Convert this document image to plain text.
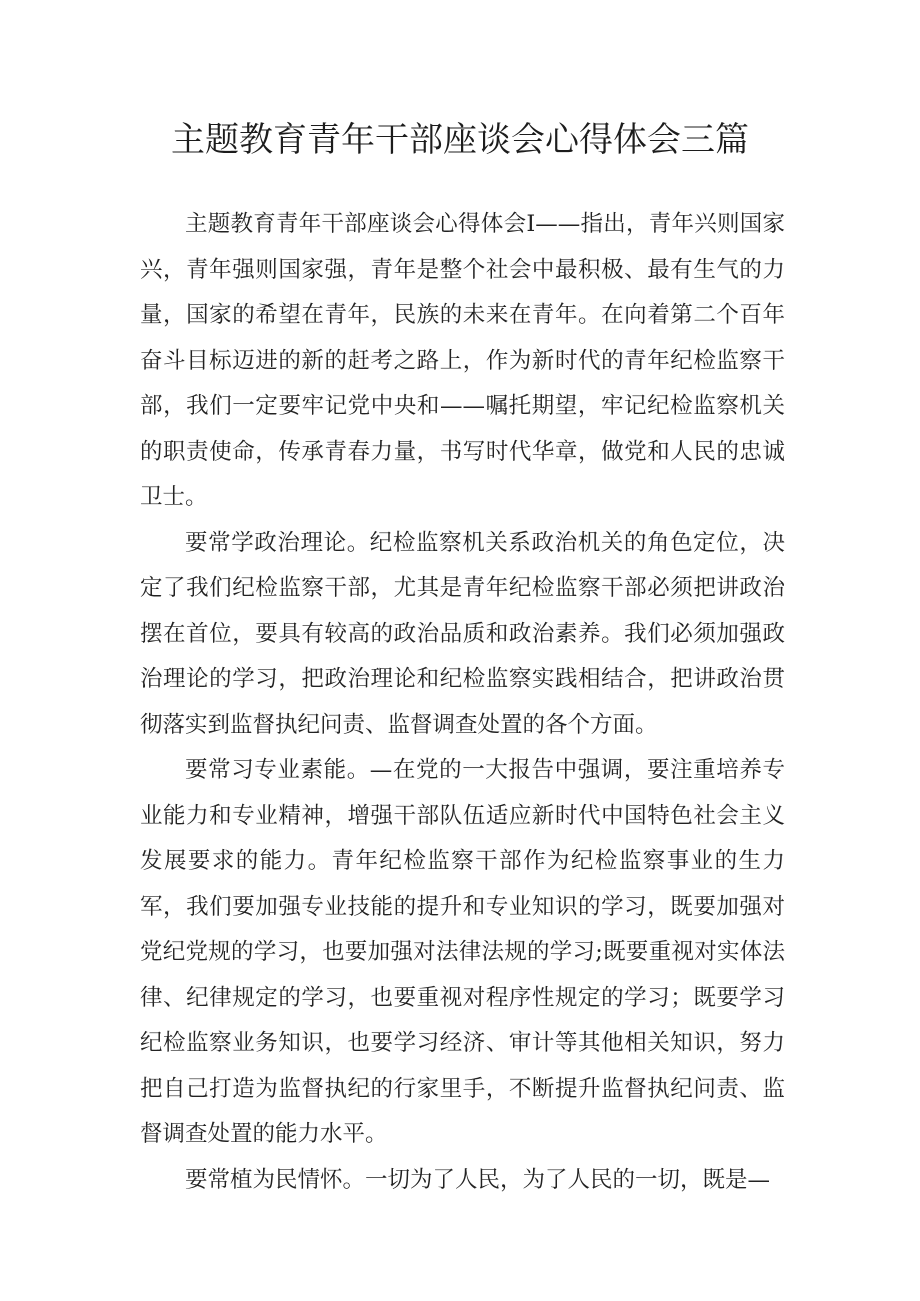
主题教育青年干部座谈会心得体会三篇

主题教育青年干部座谈会心得体会I——指出，青年兴则国家兴，青年强则国家强，青年是整个社会中最积极、最有生气的力量，国家的希望在青年，民族的未来在青年。在向着第二个百年奋斗目标迈进的新的赶考之路上，作为新时代的青年纪检监察干部，我们一定要牢记党中央和——嘱托期望，牢记纪检监察机关的职责使命，传承青春力量，书写时代华章，做党和人民的忠诚卫士。

要常学政治理论。纪检监察机关系政治机关的角色定位，决定了我们纪检监察干部，尤其是青年纪检监察干部必须把讲政治摆在首位，要具有较高的政治品质和政治素养。我们必须加强政治理论的学习，把政治理论和纪检监察实践相结合，把讲政治贯彻落实到监督执纪问责、监督调查处置的各个方面。

要常习专业素能。—在党的一大报告中强调，要注重培养专业能力和专业精神，增强干部队伍适应新时代中国特色社会主义发展要求的能力。青年纪检监察干部作为纪检监察事业的生力军，我们要加强专业技能的提升和专业知识的学习，既要加强对党纪党规的学习，也要加强对法律法规的学习;既要重视对实体法律、纪律规定的学习，也要重视对程序性规定的学习；既要学习纪检监察业务知识，也要学习经济、审计等其他相关知识，努力把自己打造为监督执纪的行家里手，不断提升监督执纪问责、监督调查处置的能力水平。

要常植为民情怀。一切为了人民，为了人民的一切，既是—
